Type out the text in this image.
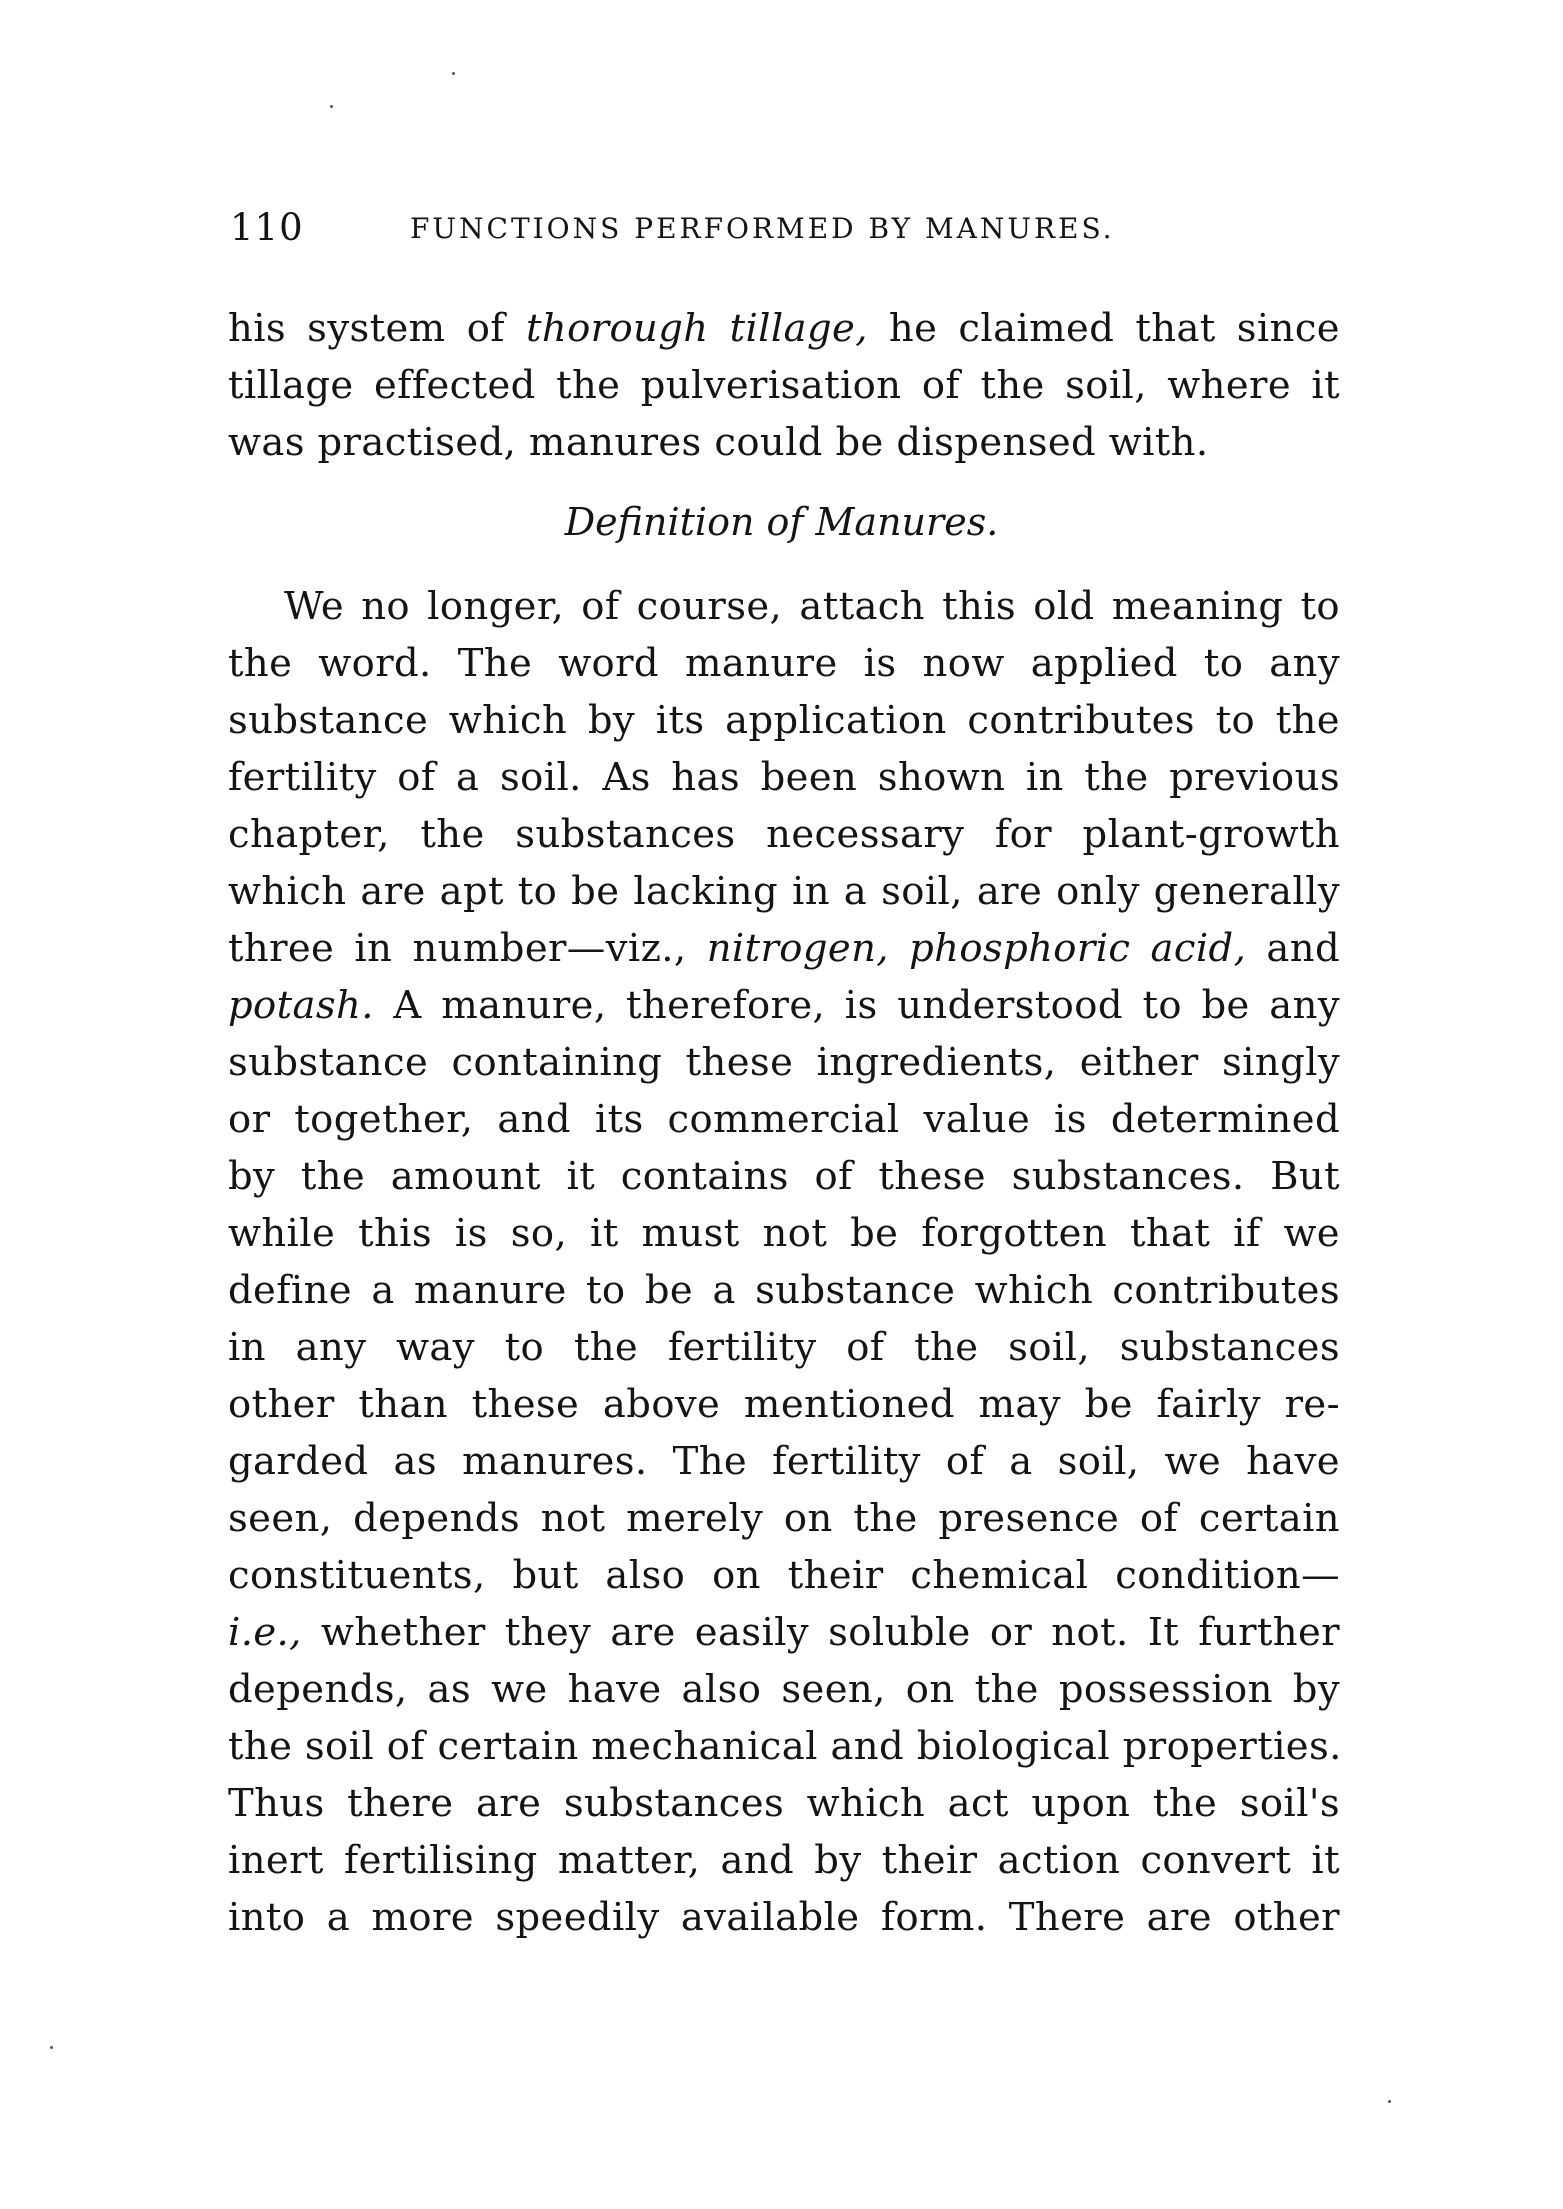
110	FUNCTIONS PERFORMED BY MANURES.
his system of thorough tillage, he claimed that since
tillage effected the pulverisation of the soil, where it
was practised, manures could be dispensed with.
Definition of Manures.
We no longer, of course, attach this old meaning to
the word. The word manure is now applied to any
substance which by its application contributes to the
fertility of a soil. As has been shown in the previous
chapter, the substances necessary for plant-growth
which are apt to be lacking in a soil, are only generally
three in number—viz., nitrogen, phosphoric acid, and
potash. A manure, therefore, is understood to be any
substance containing these ingredients, either singly
or together, and its commercial value is determined
by the amount it contains of these substances. But
while this is so, it must not be forgotten that if we
define a manure to be a substance which contributes
in any way to the fertility of the soil, substances
other than these above mentioned may be fairly re-
garded as manures. The fertility of a soil, we have
seen, depends not merely on the presence of certain
constituents, but also on their chemical condition—
i.e., whether they are easily soluble or not. It further
depends, as we have also seen, on the possession by
the soil of certain mechanical and biological properties.
Thus there are substances which act upon the soil's
inert fertilising matter, and by their action convert it
into a more speedily available form. There are other
